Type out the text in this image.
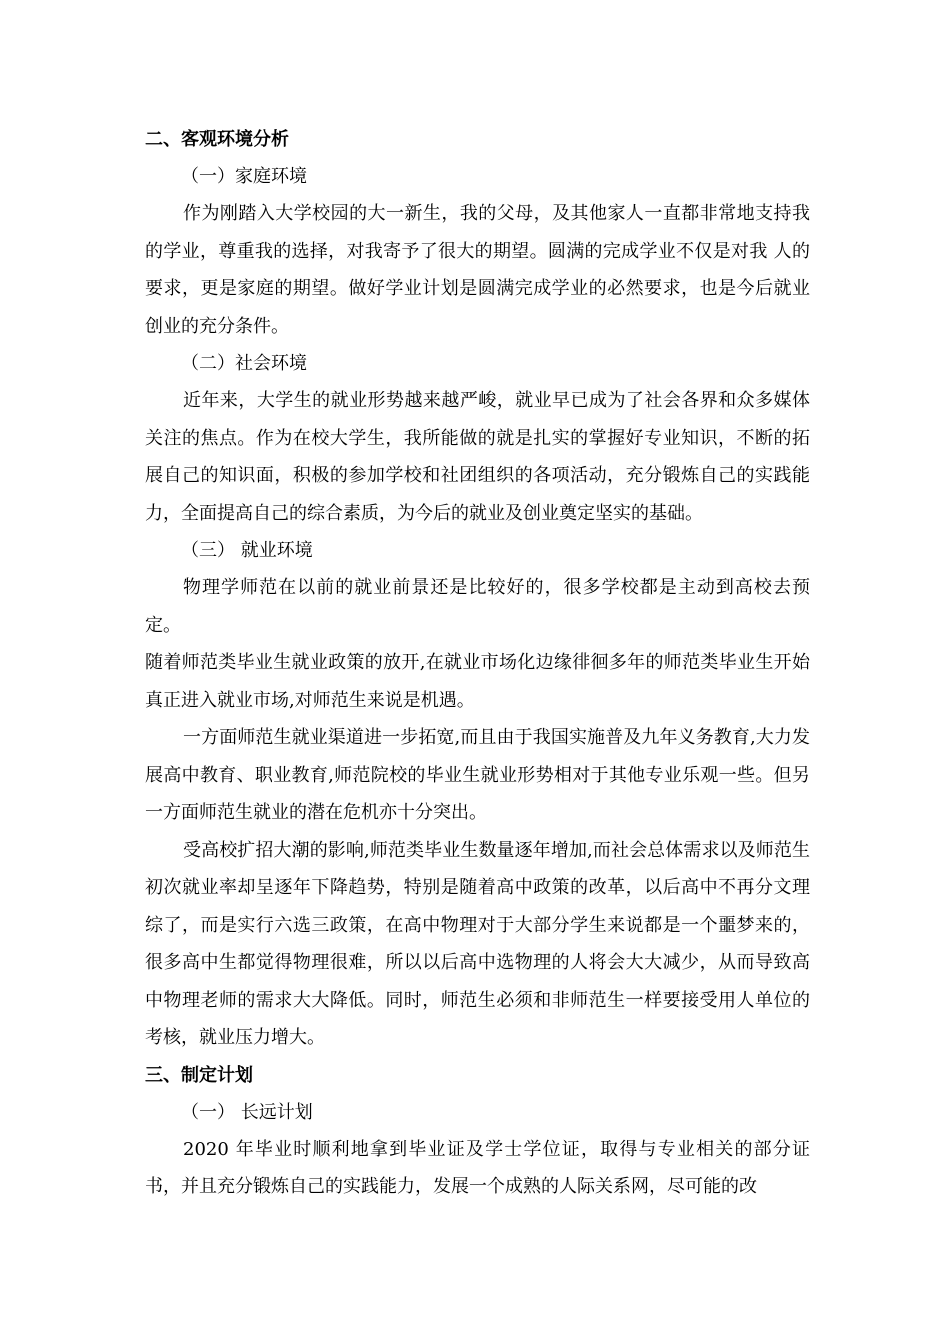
二、客观环境分析
（一）家庭环境

作为刚踏入大学校园的大一新生，我的父母，及其他家人一直都非常地支持我的学业，尊重我的选择，对我寄予了很大的期望。圆满的完成学业不仅是对我 人的要求，更是家庭的期望。做好学业计划是圆满完成学业的必然要求，也是今后就业创业的充分条件。

（二）社会环境

近年来，大学生的就业形势越来越严峻，就业早已成为了社会各界和众多媒体关注的焦点。作为在校大学生，我所能做的就是扎实的掌握好专业知识，不断的拓展自己的知识面，积极的参加学校和社团组织的各项活动，充分锻炼自己的实践能力，全面提高自己的综合素质，为今后的就业及创业奠定坚实的基础。

（三） 就业环境

物理学师范在以前的就业前景还是比较好的，很多学校都是主动到高校去预定。

随着师范类毕业生就业政策的放开,在就业市场化边缘徘徊多年的师范类毕业生开始真正进入就业市场,对师范生来说是机遇。

一方面师范生就业渠道进一步拓宽,而且由于我国实施普及九年义务教育,大力发展高中教育、职业教育,师范院校的毕业生就业形势相对于其他专业乐观一些。但另一方面师范生就业的潜在危机亦十分突出。

受高校扩招大潮的影响,师范类毕业生数量逐年增加,而社会总体需求以及师范生初次就业率却呈逐年下降趋势，特别是随着高中政策的改革，以后高中不再分文理综了，而是实行六选三政策，在高中物理对于大部分学生来说都是一个噩梦来的，很多高中生都觉得物理很难，所以以后高中选物理的人将会大大减少，从而导致高中物理老师的需求大大降低。同时，师范生必须和非师范生一样要接受用人单位的考核，就业压力增大。

三、制定计划
（一） 长远计划

2020 年毕业时顺利地拿到毕业证及学士学位证，取得与专业相关的部分证书，并且充分锻炼自己的实践能力，发展一个成熟的人际关系网，尽可能的改
